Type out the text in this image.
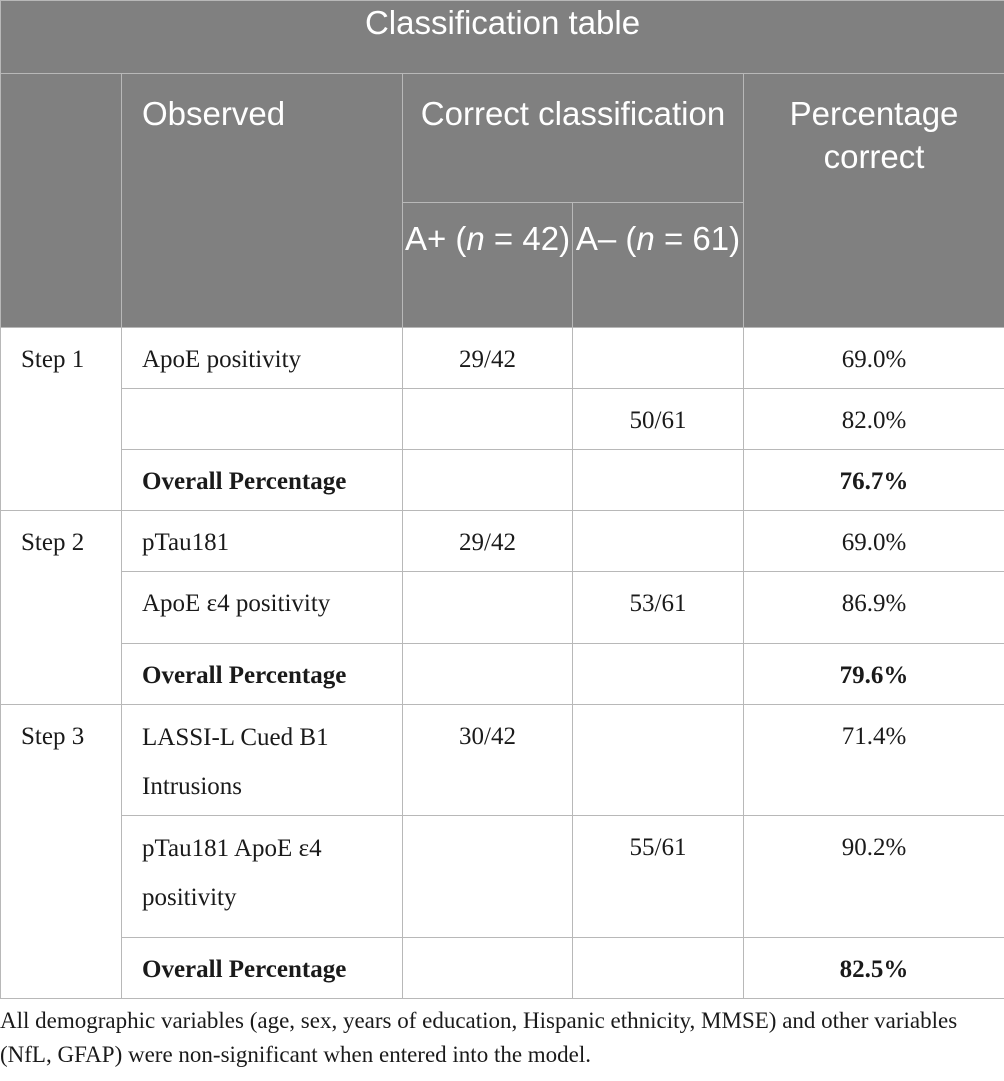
Classification table				
	Observed	Correct classification		Percentage correct
		A+ (n = 42)	A– (n = 61)	
Step 1	ApoE positivity	29/42		69.0%
			50/61	82.0%
	Overall Percentage			76.7%
Step 2	pTau181	29/42		69.0%
	ApoE ε4 positivity		53/61	86.9%
	Overall Percentage			79.6%
Step 3	LASSI-L Cued B1 Intrusions	30/42		71.4%
	pTau181 ApoE ε4 positivity		55/61	90.2%
	Overall Percentage			82.5%

All demographic variables (age, sex, years of education, Hispanic ethnicity, MMSE) and other variables (NfL, GFAP) were non-significant when entered into the model.
